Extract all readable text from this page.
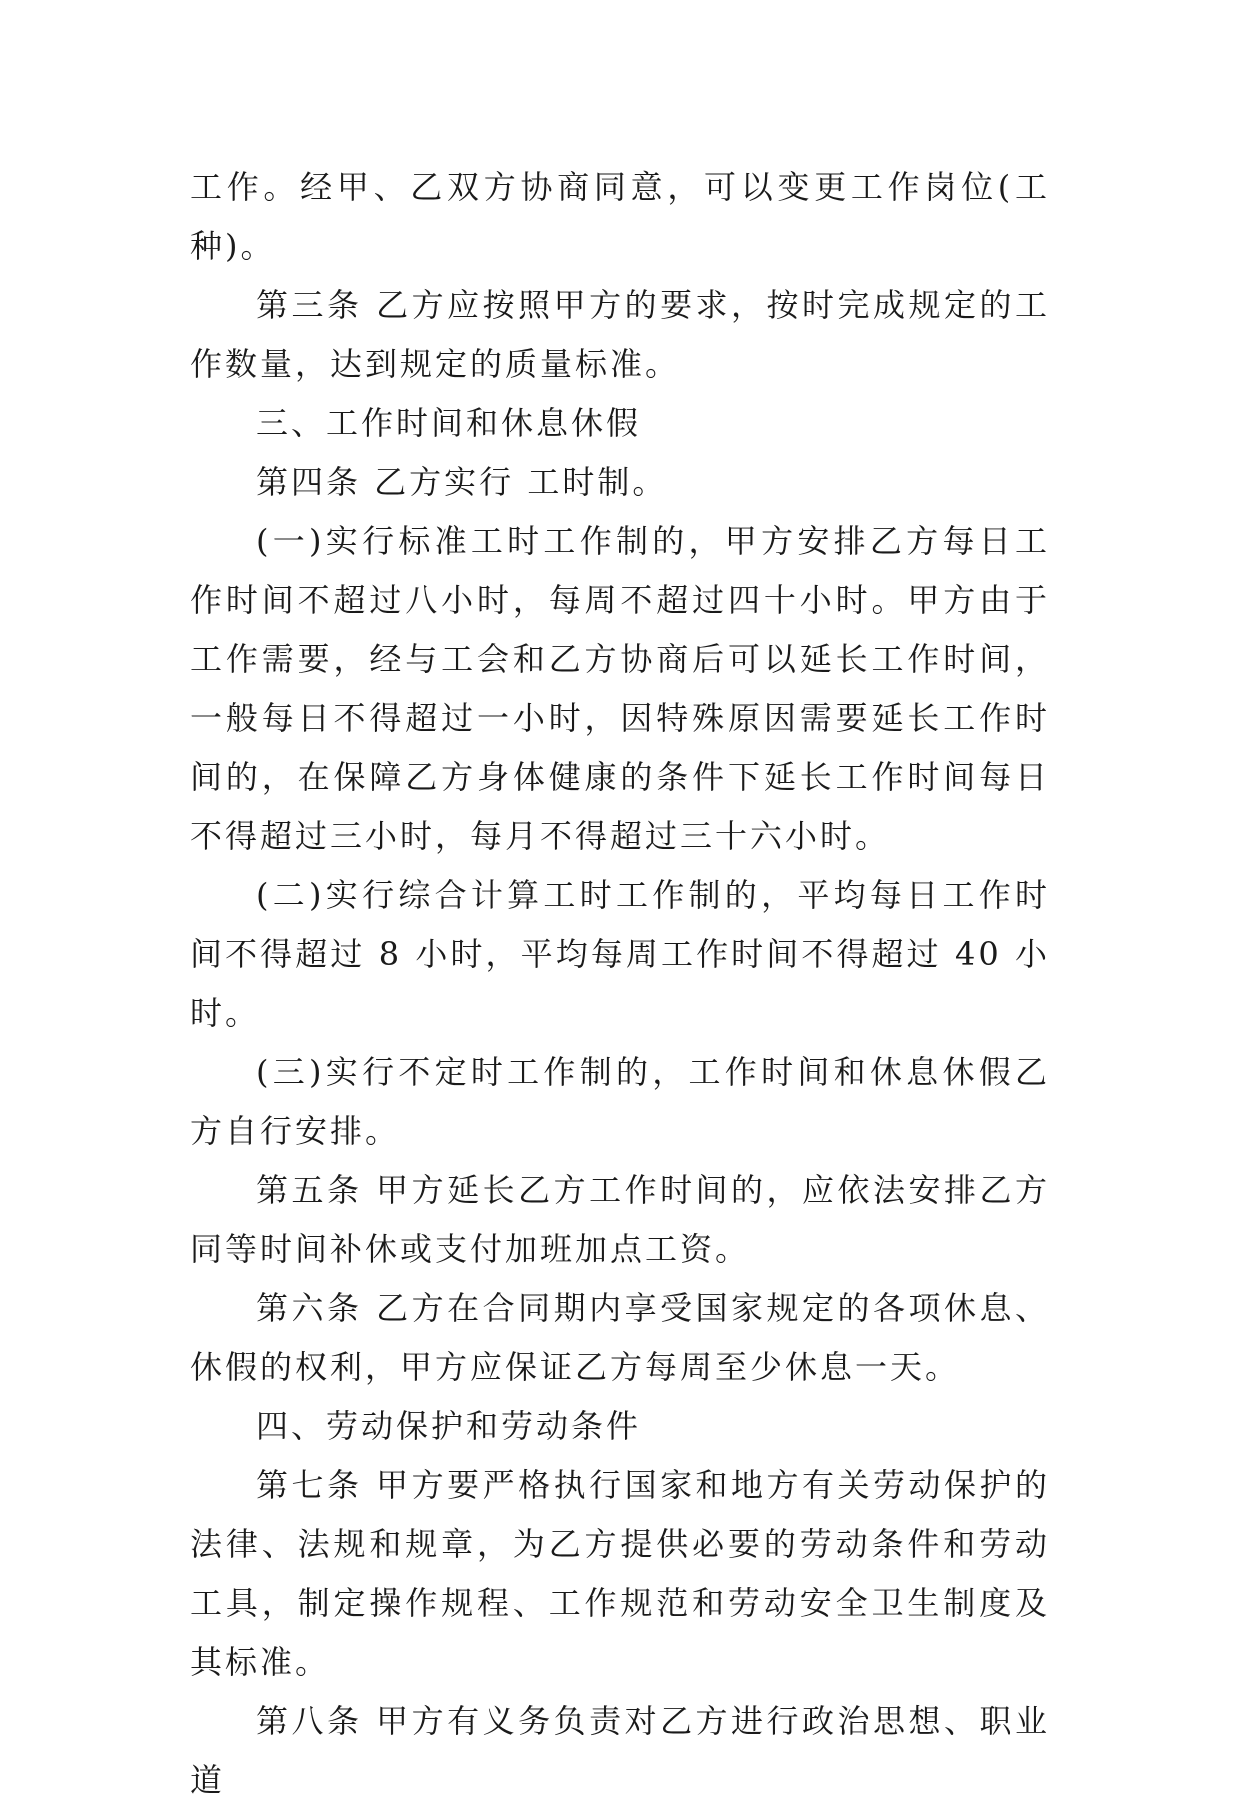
工作。经甲、乙双方协商同意，可以变更工作岗位(工种)。

第三条 乙方应按照甲方的要求，按时完成规定的工作数量，达到规定的质量标准。

三、工作时间和休息休假

第四条 乙方实行 工时制。

(一)实行标准工时工作制的，甲方安排乙方每日工作时间不超过八小时，每周不超过四十小时。甲方由于工作需要，经与工会和乙方协商后可以延长工作时间，一般每日不得超过一小时，因特殊原因需要延长工作时间的，在保障乙方身体健康的条件下延长工作时间每日不得超过三小时，每月不得超过三十六小时。

(二)实行综合计算工时工作制的，平均每日工作时间不得超过 8 小时，平均每周工作时间不得超过 40 小时。

(三)实行不定时工作制的，工作时间和休息休假乙方自行安排。

第五条 甲方延长乙方工作时间的，应依法安排乙方同等时间补休或支付加班加点工资。

第六条 乙方在合同期内享受国家规定的各项休息、休假的权利，甲方应保证乙方每周至少休息一天。

四、劳动保护和劳动条件

第七条 甲方要严格执行国家和地方有关劳动保护的法律、法规和规章，为乙方提供必要的劳动条件和劳动工具，制定操作规程、工作规范和劳动安全卫生制度及其标准。

第八条 甲方有义务负责对乙方进行政治思想、职业道
